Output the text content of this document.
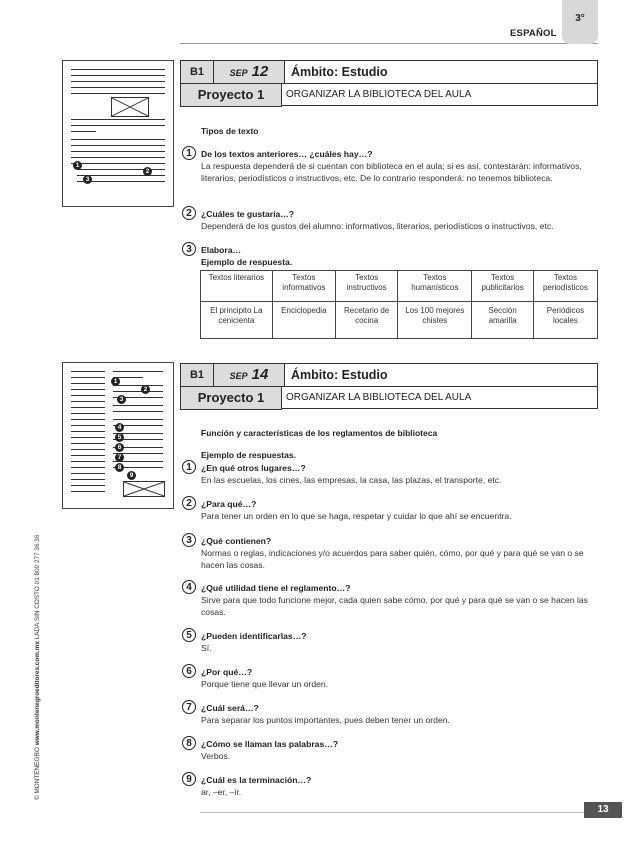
ESPAÑOL
3°
© MONTENEGRO www.montenegroeditores.com.mx LADA SIN COSTO 01 800 277 36 36
1
2
3
1
2
3
4
5
6
7
8
9
B1	SEP 12	Ámbito: Estudio
Proyecto 1	ORGANIZAR LA BIBLIOTECA DEL AULA
Tipos de texto
1	De los textos anteriores… ¿cuáles hay…?
La respuesta dependerá de si cuentan con biblioteca en el aula; si es así, contestarán: informativos, literarios, periodísticos o instructivos, etc. De lo contrario responderá: no tenemos biblioteca.
2	¿Cuáles te gustaría…?
Dependerá de los gustos del alumno: informativos, literarios, periodísticos o instructivos, etc.
3	Elabora…
Ejemplo de respuesta.
Textos literarios	Textos informativos	Textos instructivos	Textos humanísticos	Textos publicitarios	Textos periodísticos
El principito La cenicienta	Enciclopedia	Recetario de cocina	Los 100 mejores chistes	Sección amarilla	Periódicos locales
B1	SEP 14	Ámbito: Estudio
Proyecto 1	ORGANIZAR LA BIBLIOTECA DEL AULA
Función y características de los reglamentos de biblioteca
Ejemplo de respuestas.
1	¿En qué otros lugares…?
En las escuelas, los cines, las empresas, la casa, las plazas, el transporte, etc.
2	¿Para qué…?
Para tener un orden en lo que se haga, respetar y cuidar lo que ahí se encuentra.
3	¿Qué contienen?
Normas o reglas, indicaciones y/o acuerdos para saber quién, cómo, por qué y para qué se van o se hacen las cosas.
4	¿Qué utilidad tiene el reglamento…?
Sirve para que todo funcione mejor, cada quien sabe cómo, por qué y para qué se van o se hacen las cosas.
5	¿Pueden identificarlas…?
Sí.
6	¿Por qué…?
Porque tiene que llevar un orden.
7	¿Cuál será…?
Para separar los puntos importantes, pues deben tener un orden.
8	¿Cómo se llaman las palabras…?
Verbos.
9	¿Cuál es la terminación…?
ar, –er, –ir.
13
